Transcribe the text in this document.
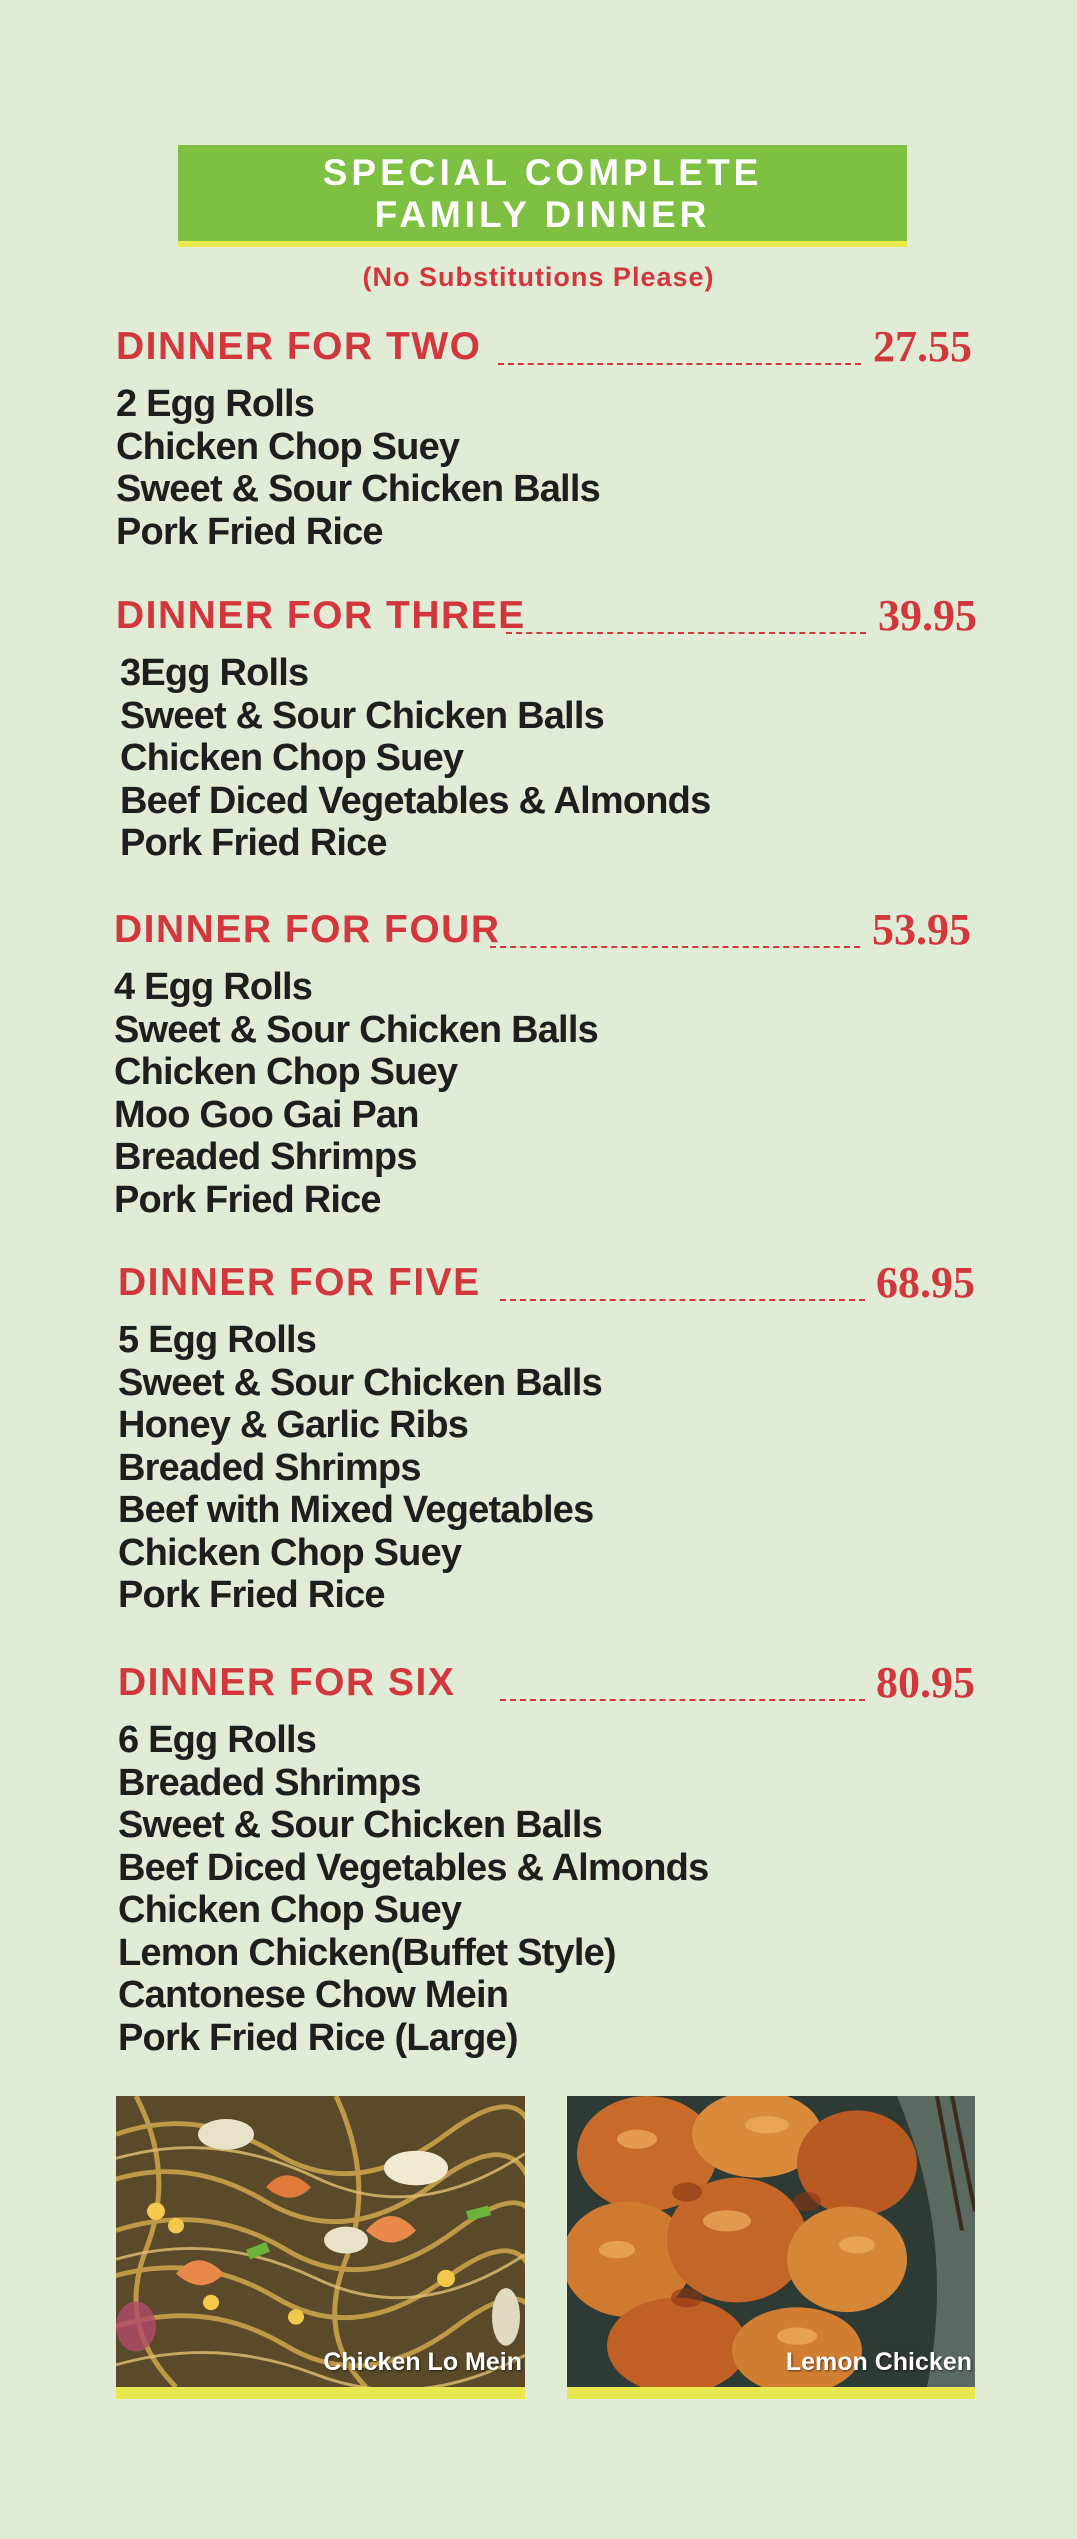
SPECIAL COMPLETE
FAMILY DINNER
(No Substitutions Please)
DINNER FOR TWO	27.55
2 Egg Rolls
Chicken Chop Suey
Sweet & Sour Chicken Balls
Pork Fried Rice
DINNER FOR THREE	39.95
3Egg Rolls
Sweet & Sour Chicken Balls
Chicken Chop Suey
Beef Diced Vegetables & Almonds
Pork Fried Rice
DINNER FOR FOUR	53.95
4 Egg Rolls
Sweet & Sour Chicken Balls
Chicken Chop Suey
Moo Goo Gai Pan
Breaded Shrimps
Pork Fried Rice
DINNER FOR FIVE	68.95
5 Egg Rolls
Sweet & Sour Chicken Balls
Honey & Garlic Ribs
Breaded Shrimps
Beef with Mixed Vegetables
Chicken Chop Suey
Pork Fried Rice
DINNER FOR SIX	80.95
6 Egg Rolls
Breaded Shrimps
Sweet & Sour Chicken Balls
Beef Diced Vegetables & Almonds
Chicken Chop Suey
Lemon Chicken(Buffet Style)
Cantonese Chow Mein
Pork Fried Rice (Large)
Chicken Lo Mein	Lemon Chicken
